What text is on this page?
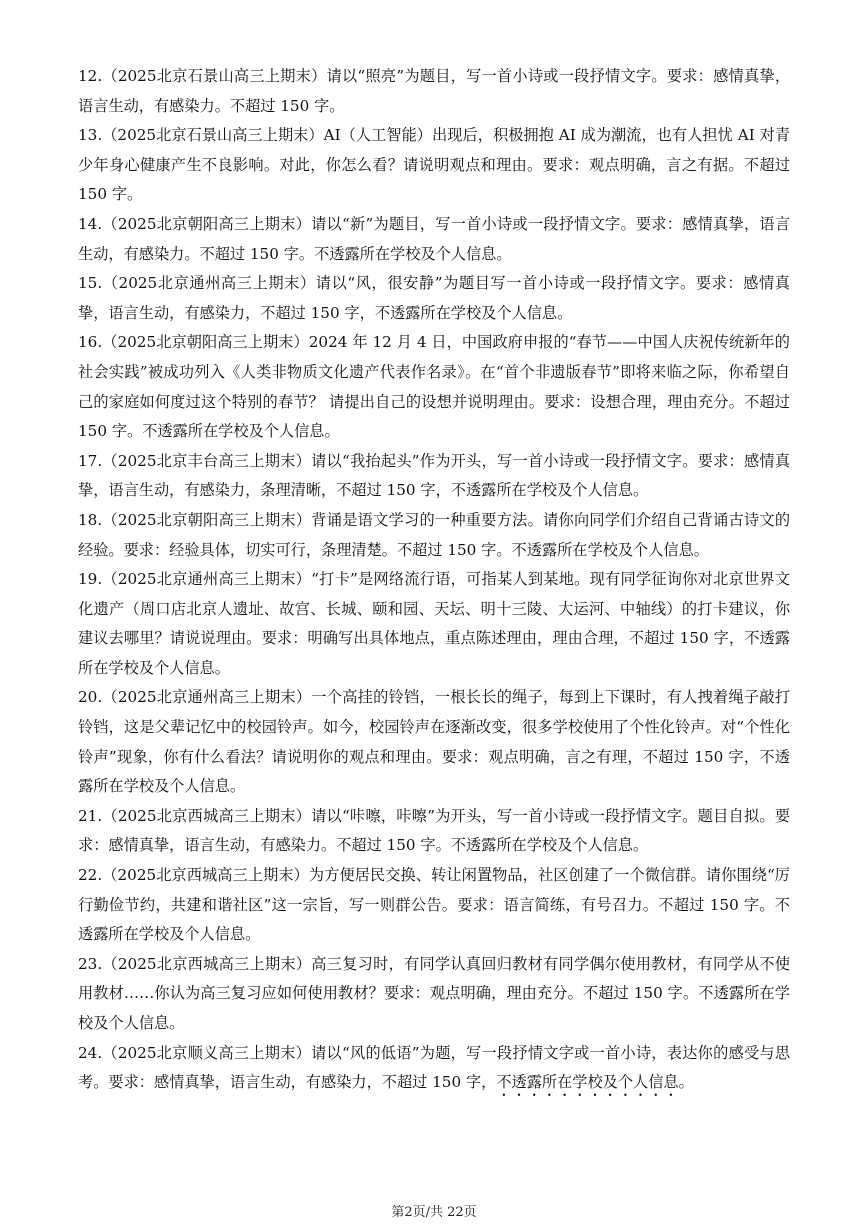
12.（2025北京石景山高三上期末）请以“照亮”为题目，写一首小诗或一段抒情文字。要求：感情真挚，语言生动，有感染力。不超过 150 字。

13.（2025北京石景山高三上期末）AI（人工智能）出现后，积极拥抱 AI 成为潮流，也有人担忧 AI 对青少年身心健康产生不良影响。对此，你怎么看？请说明观点和理由。要求：观点明确，言之有据。不超过 150 字。

14.（2025北京朝阳高三上期末）请以“新”为题目，写一首小诗或一段抒情文字。要求：感情真挚，语言生动，有感染力。不超过 150 字。不透露所在学校及个人信息。

15.（2025北京通州高三上期末）请以“风，很安静”为题目写一首小诗或一段抒情文字。要求：感情真挚，语言生动，有感染力，不超过 150 字，不透露所在学校及个人信息。

16.（2025北京朝阳高三上期末）2024 年 12 月 4 日，中国政府申报的“春节——中国人庆祝传统新年的社会实践”被成功列入《人类非物质文化遗产代表作名录》。在“首个非遗版春节”即将来临之际，你希望自己的家庭如何度过这个特别的春节？ 请提出自己的设想并说明理由。要求：设想合理，理由充分。不超过 150 字。不透露所在学校及个人信息。

17.（2025北京丰台高三上期末）请以“我抬起头”作为开头，写一首小诗或一段抒情文字。要求：感情真挚，语言生动，有感染力，条理清晰，不超过 150 字，不透露所在学校及个人信息。

18.（2025北京朝阳高三上期末）背诵是语文学习的一种重要方法。请你向同学们介绍自己背诵古诗文的经验。要求：经验具体，切实可行，条理清楚。不超过 150 字。不透露所在学校及个人信息。

19.（2025北京通州高三上期末）“打卡”是网络流行语，可指某人到某地。现有同学征询你对北京世界文化遗产（周口店北京人遗址、故宫、长城、颐和园、天坛、明十三陵、大运河、中轴线）的打卡建议，你建议去哪里？请说说理由。要求：明确写出具体地点，重点陈述理由，理由合理，不超过 150 字，不透露所在学校及个人信息。

20.（2025北京通州高三上期末）一个高挂的铃铛，一根长长的绳子，每到上下课时，有人拽着绳子敲打铃铛，这是父辈记忆中的校园铃声。如今，校园铃声在逐渐改变，很多学校使用了个性化铃声。对“个性化铃声”现象，你有什么看法？请说明你的观点和理由。要求：观点明确，言之有理，不超过 150 字，不透露所在学校及个人信息。

21.（2025北京西城高三上期末）请以“咔嚓，咔嚓”为开头，写一首小诗或一段抒情文字。题目自拟。要求：感情真挚，语言生动，有感染力。不超过 150 字。不透露所在学校及个人信息。

22.（2025北京西城高三上期末）为方便居民交换、转让闲置物品，社区创建了一个微信群。请你围绕“厉行勤俭节约，共建和谐社区”这一宗旨，写一则群公告。要求：语言简练，有号召力。不超过 150 字。不透露所在学校及个人信息。

23.（2025北京西城高三上期末）高三复习时，有同学认真回归教材有同学偶尔使用教材，有同学从不使用教材……你认为高三复习应如何使用教材？要求：观点明确，理由充分。不超过 150 字。不透露所在学校及个人信息。

24.（2025北京顺义高三上期末）请以“风的低语”为题，写一段抒情文字或一首小诗，表达你的感受与思考。要求：感情真挚，语言生动，有感染力，不超过 150 字，不透露所在学校及个人信息。

第2页/共 22页
